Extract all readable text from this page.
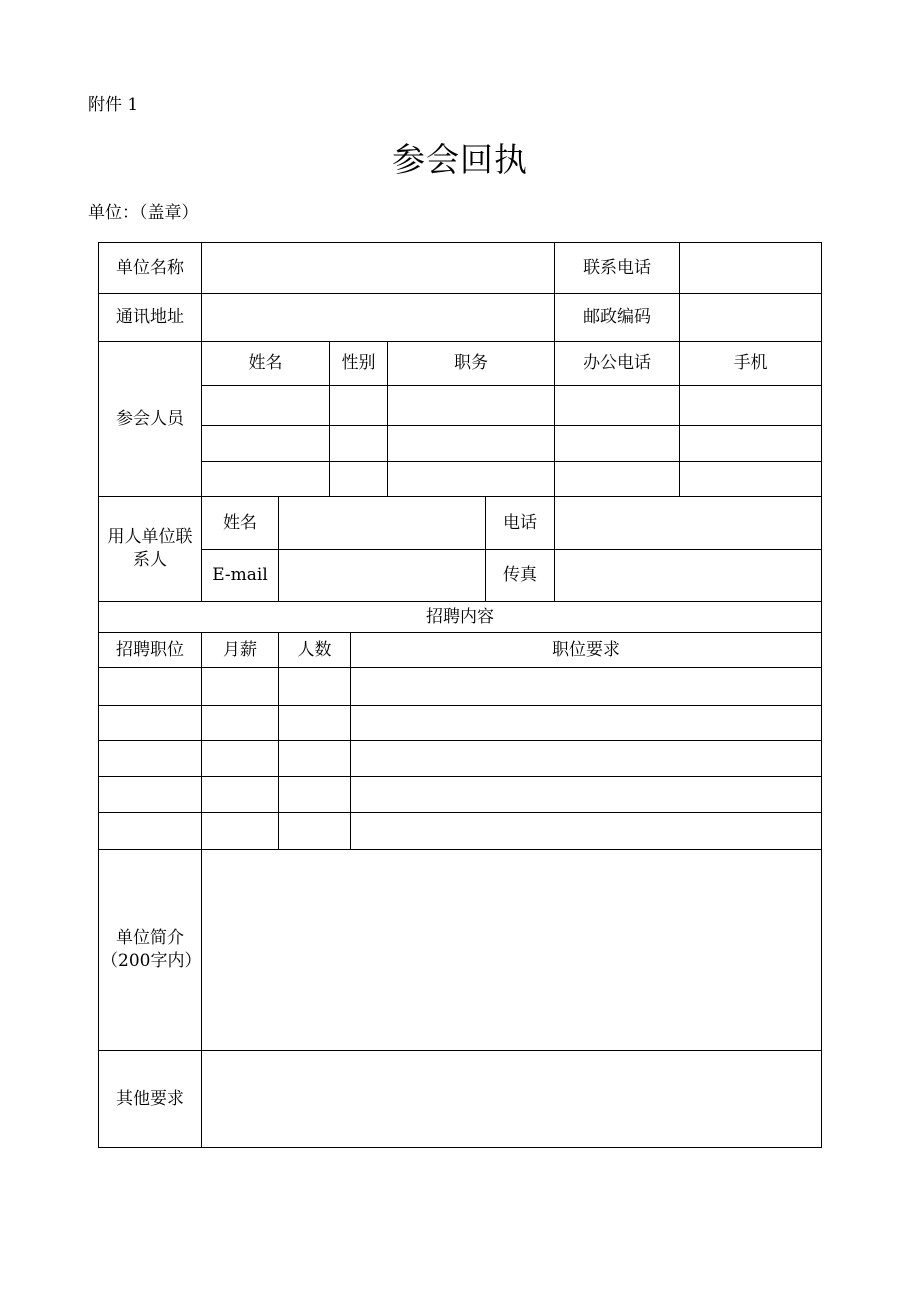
附件 1
参会回执
单位：（盖章）
单位名称							联系电话	
通讯地址							邮政编码	
参会人员	姓名		性别		职务		办公电话	手机

用人单位联系人	姓名					电话		
	E-mail					传真		
招聘内容								
招聘职位	月薪	人数		职位要求				

单位简介（200字内）								
其他要求								
